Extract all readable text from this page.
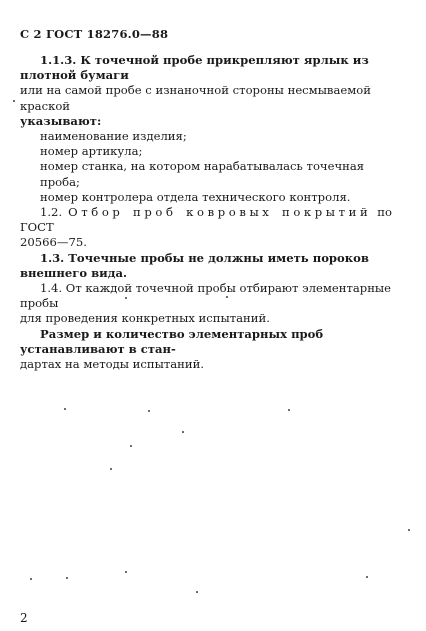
С 2 ГОСТ 18276.0—88

1.1.3. К точечной пробе прикрепляют ярлык из плотной бумаги

или на самой пробе с изнаночной стороны несмываемой краской

указывают:

наименование изделия;

номер артикула;

номер станка, на котором нарабатывалась точечная проба;

номер контролера отдела технического контроля.

1.2. Отбор проб ковровых покрытий по ГОСТ

20566—75.

1.3. Точечные пробы не должны иметь пороков внешнего вида.

1.4. От каждой точечной пробы отбирают элементарные пробы

для проведения конкретных испытаний.

Размер и количество элементарных проб устанавливают в стан-

дартах на методы испытаний.

2
